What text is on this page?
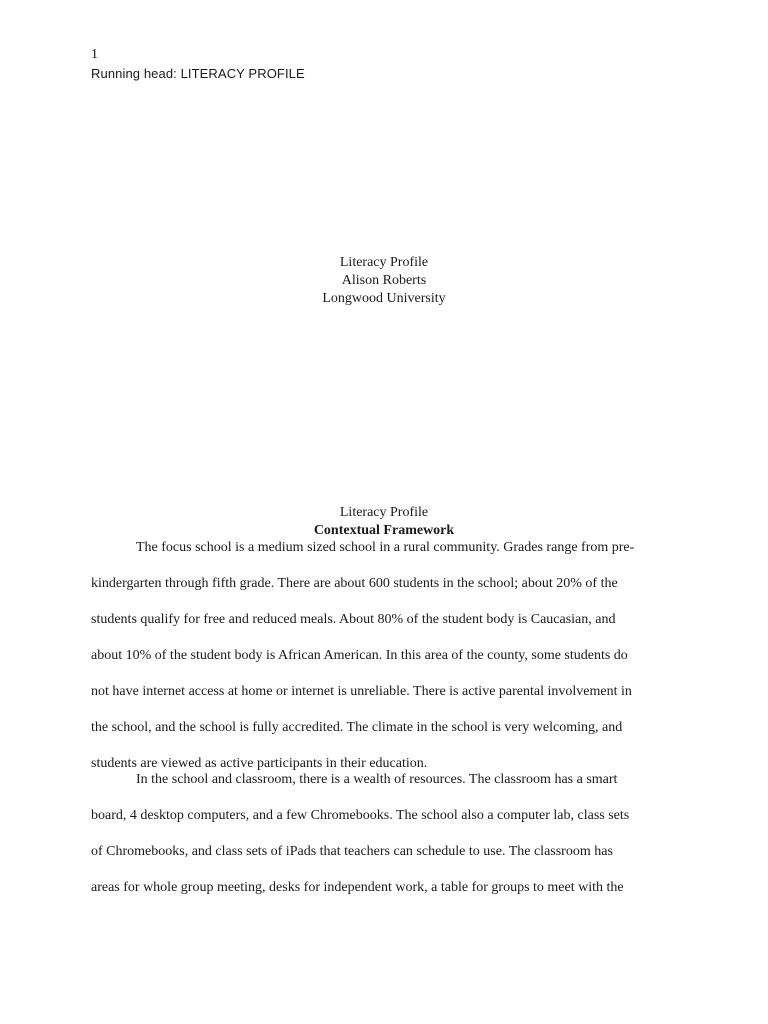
1
Running head: LITERACY PROFILE
Literacy Profile
Alison Roberts
Longwood University
Literacy Profile
Contextual Framework
The focus school is a medium sized school in a rural community. Grades range from pre-
kindergarten through fifth grade. There are about 600 students in the school; about 20% of the
students qualify for free and reduced meals. About 80% of the student body is Caucasian, and
about 10% of the student body is African American. In this area of the county, some students do
not have internet access at home or internet is unreliable. There is active parental involvement in
the school, and the school is fully accredited. The climate in the school is very welcoming, and
students are viewed as active participants in their education.
In the school and classroom, there is a wealth of resources. The classroom has a smart
board, 4 desktop computers, and a few Chromebooks. The school also a computer lab, class sets
of Chromebooks, and class sets of iPads that teachers can schedule to use. The classroom has
areas for whole group meeting, desks for independent work, a table for groups to meet with the
